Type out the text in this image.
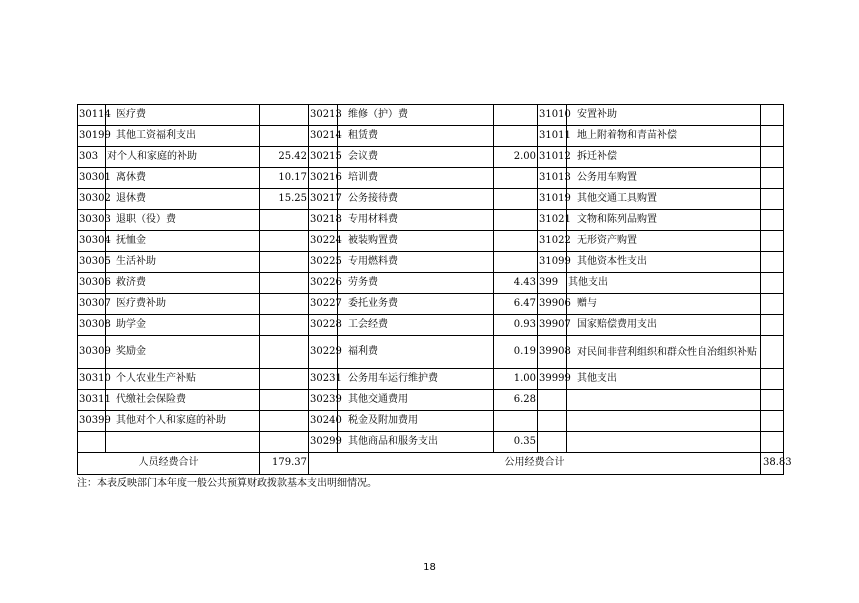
30114	医疗费		30213	维修（护）费		31010	安置补助	
30199	其他工资福利支出		30214	租赁费		31011	地上附着物和青苗补偿	
303	对个人和家庭的补助	25.42	30215	会议费	2.00	31012	拆迁补偿	
30301	离休费	10.17	30216	培训费		31013	公务用车购置	
30302	退休费	15.25	30217	公务接待费		31019	其他交通工具购置	
30303	退职（役）费		30218	专用材料费		31021	文物和陈列品购置	
30304	抚恤金		30224	被装购置费		31022	无形资产购置	
30305	生活补助		30225	专用燃料费		31099	其他资本性支出	
30306	救济费		30226	劳务费	4.43	399	其他支出	
30307	医疗费补助		30227	委托业务费	6.47	39906	赠与	
30308	助学金		30228	工会经费	0.93	39907	国家赔偿费用支出	
30309	奖励金		30229	福利费	0.19	39908	对民间非营利组织和群众性自治组织补贴	
30310	个人农业生产补贴		30231	公务用车运行维护费	1.00	39999	其他支出	
30311	代缴社会保险费		30239	其他交通费用	6.28			
30399	其他对个人和家庭的补助		30240	税金及附加费用				
			30299	其他商品和服务支出	0.35			
人员经费合计		179.37	公用经费合计					38.83
注：本表反映部门本年度一般公共预算财政拨款基本支出明细情况。
18
